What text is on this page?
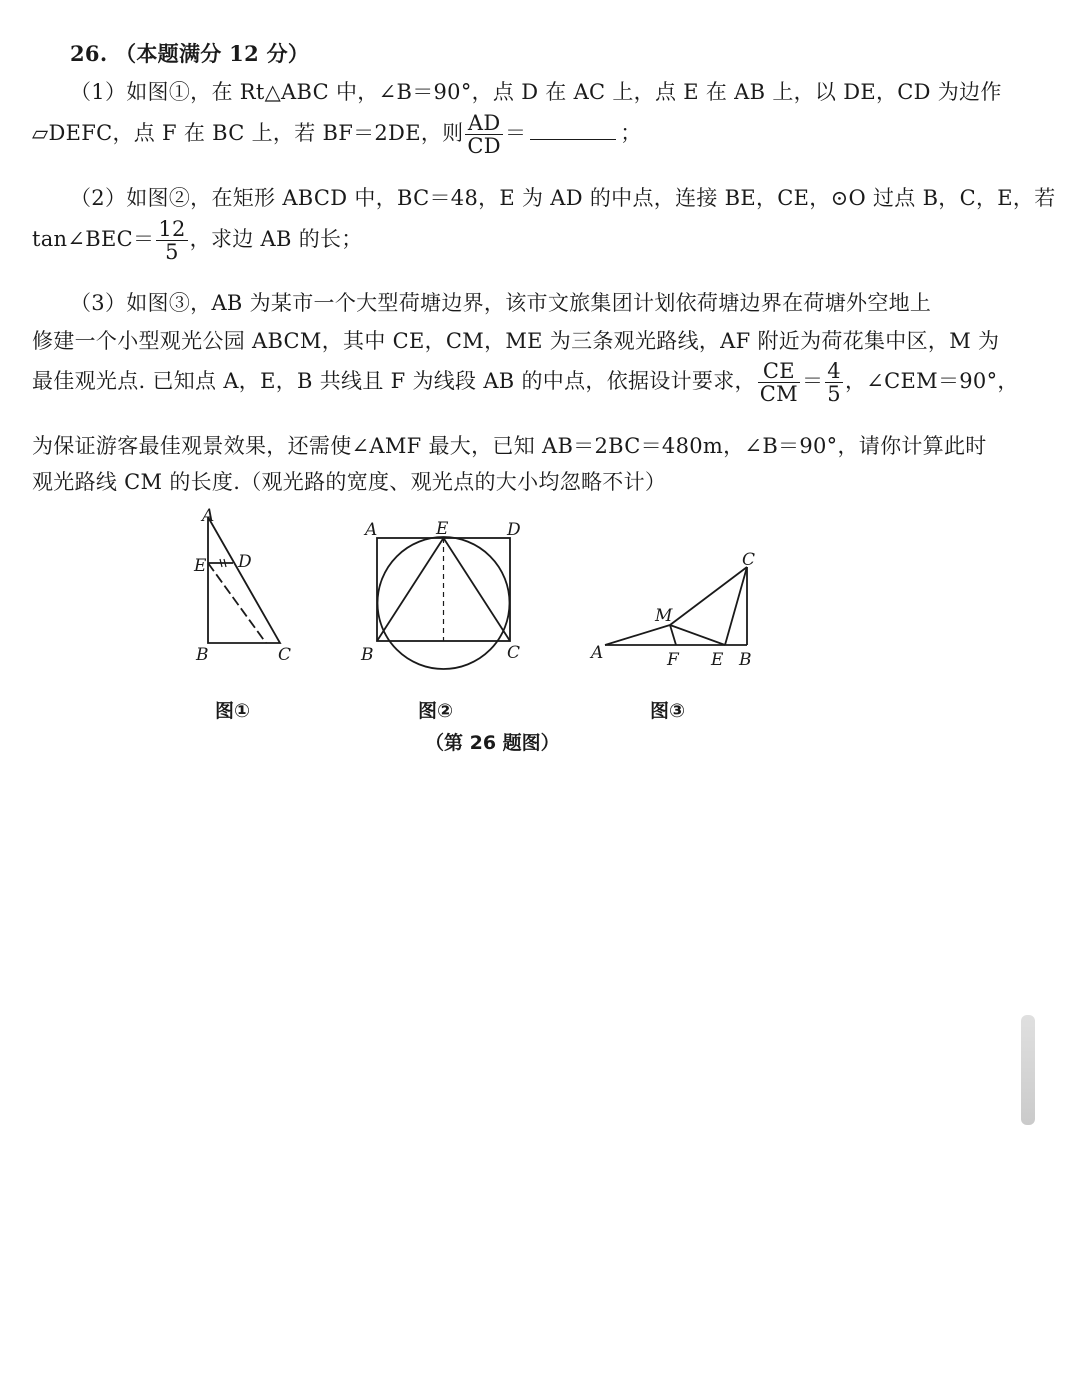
26. （本题满分 12 分）
（1）如图①，在 Rt△ABC 中，∠B＝90°，点 D 在 AC 上，点 E 在 AB 上，以 DE，CD 为边作
▱DEFC，点 F 在 BC 上，若 BF＝2DE，则 $\frac{AD}{CD}$ ＝	；
（2）如图②，在矩形 ABCD 中，BC＝48，E 为 AD 的中点，连接 BE，CE，⊙O 过点 B，C，E，若
tan∠BEC＝ $\frac{12}{5}$ ，求边 AB 的长；
（3）如图③，AB 为某市一个大型荷塘边界，该市文旅集团计划依荷塘边界在荷塘外空地上
修建一个小型观光公园 ABCM，其中 CE，CM，ME 为三条观光路线，AF 附近为荷花集中区，M 为
最佳观光点. 已知点 A，E，B 共线且 F 为线段 AB 的中点，依据设计要求， $\frac{CE}{CM} = \frac{4}{5}$ ，∠CEM＝90°，
为保证游客最佳观景效果，还需使∠AMF 最大，已知 AB＝2BC＝480m，∠B＝90°，请你计算此时
观光路线 CM 的长度.（观光路的宽度、观光点的大小均忽略不计）
A
E D
B	C
图①
A	E	D
B	C
图②
C
M
A	F E B
图③
（第 26 题图）
